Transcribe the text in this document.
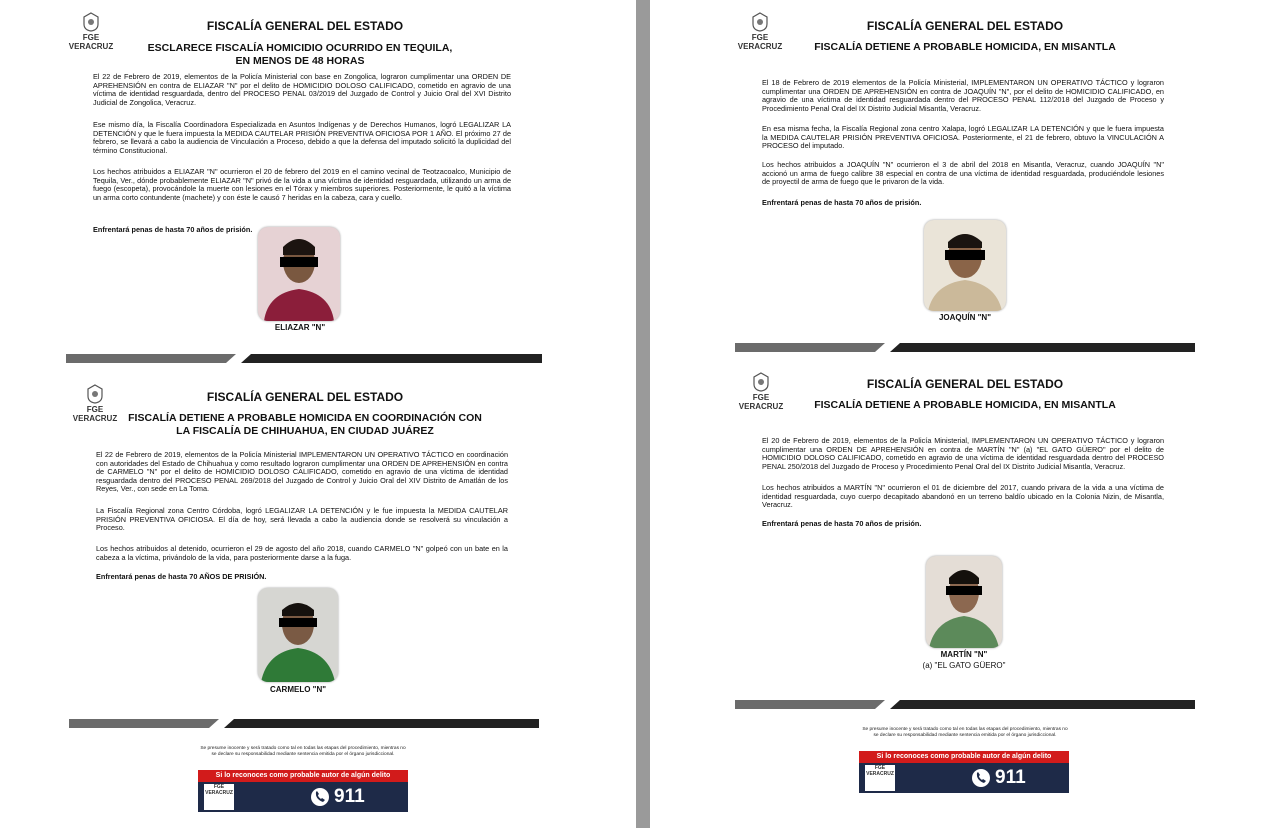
FGE
VERACRUZ
FISCALÍA GENERAL DEL ESTADO
ESCLARECE FISCALÍA HOMICIDIO OCURRIDO EN TEQUILA,
EN MENOS DE 48 HORAS
El 22 de Febrero de 2019, elementos de la Policía Ministerial con base en Zongolica, lograron cumplimentar una ORDEN DE APREHENSIÓN en contra de ELIAZAR "N" por el delito de HOMICIDIO DOLOSO CALIFICADO, cometido en agravio de una víctima de identidad resguardada, dentro del PROCESO PENAL 03/2019 del Juzgado de Control y Juicio Oral del XVI Distrito Judicial de Zongolica, Veracruz.
Ese mismo día, la Fiscalía Coordinadora Especializada en Asuntos Indígenas y de Derechos Humanos, logró LEGALIZAR LA DETENCIÓN y que le fuera impuesta la MEDIDA CAUTELAR PRISIÓN PREVENTIVA OFICIOSA POR 1 AÑO. El próximo 27 de febrero, se llevará a cabo la audiencia de Vinculación a Proceso, debido a que la defensa del imputado solicitó la duplicidad del término Constitucional.
Los hechos atribuidos a ELIAZAR "N" ocurrieron el 20 de febrero del 2019 en el camino vecinal de Teotzacoalco, Municipio de Tequila, Ver., dónde probablemente ELIAZAR "N" privó de la vida a una víctima de identidad resguardada, utilizando un arma de fuego (escopeta), provocándole la muerte con lesiones en el Tórax y miembros superiores. Posteriormente, le quitó a la víctima un arma corto contundente (machete) y con éste le causó 7 heridas en la cabeza, cara y cuello.
Enfrentará penas de hasta 70 años de prisión.
ELIAZAR "N"
FGE
VERACRUZ
FISCALÍA GENERAL DEL ESTADO
FISCALÍA DETIENE A PROBABLE HOMICIDA, EN MISANTLA
El 18 de Febrero de 2019 elementos de la Policía Ministerial, IMPLEMENTARON UN OPERATIVO TÁCTICO y lograron cumplimentar una ORDEN DE APREHENSIÓN en contra de JOAQUÍN "N", por el delito de HOMICIDIO CALIFICADO, en agravio de una víctima de identidad resguardada dentro del PROCESO PENAL 112/2018 del Juzgado de Proceso y Procedimiento Penal Oral del IX Distrito Judicial Misantla, Veracruz.
En esa misma fecha, la Fiscalía Regional zona centro Xalapa, logró LEGALIZAR LA DETENCIÓN y que le fuera impuesta la MEDIDA CAUTELAR PRISIÓN PREVENTIVA OFICIOSA. Posteriormente, el 21 de febrero, obtuvo la VINCULACIÓN A PROCESO del imputado.
Los hechos atribuidos a JOAQUÍN "N" ocurrieron el 3 de abril del 2018 en Misantla, Veracruz, cuando JOAQUÍN "N" accionó un arma de fuego calibre 38 especial en contra de una víctima de identidad resguardada, produciéndole lesiones de proyectil de arma de fuego que le privaron de la vida.
Enfrentará penas de hasta 70 años de prisión.
JOAQUÍN "N"
FGE
VERACRUZ
FISCALÍA GENERAL DEL ESTADO
FISCALÍA DETIENE A PROBABLE HOMICIDA EN COORDINACIÓN CON
LA FISCALÍA DE CHIHUAHUA, EN CIUDAD JUÁREZ
El 22 de Febrero de 2019, elementos de la Policía Ministerial IMPLEMENTARON UN OPERATIVO TÁCTICO en coordinación con autoridades del Estado de Chihuahua y como resultado lograron cumplimentar una ORDEN DE APREHENSIÓN en contra de CARMELO "N" por el delito de HOMICIDIO DOLOSO CALIFICADO, cometido en agravio de una víctima de identidad resguardada dentro del PROCESO PENAL 269/2018 del Juzgado de Control y Juicio Oral del XIV Distrito de Amatlán de los Reyes, Ver., con sede en La Toma.
La Fiscalía Regional zona Centro Córdoba, logró LEGALIZAR LA DETENCIÓN y le fue impuesta la MEDIDA CAUTELAR PRISIÓN PREVENTIVA OFICIOSA. El día de hoy, será llevada a cabo la audiencia donde se resolverá su vinculación a Proceso.
Los hechos atribuidos al detenido, ocurrieron el 29 de agosto del año 2018, cuando CARMELO "N" golpeó con un bate en la cabeza a la víctima, privándolo de la vida, para posteriormente darse a la fuga.
Enfrentará penas de hasta 70 AÑOS DE PRISIÓN.
CARMELO "N"
Se presume inocente y será tratado como tal en todas las etapas del procedimiento, mientras no se declare su responsabilidad mediante sentencia emitida por el órgano jurisdiccional.
Si lo reconoces como probable autor de algún delito
FGE
VERACRUZ	911
FGE
VERACRUZ
FISCALÍA GENERAL DEL ESTADO
FISCALÍA DETIENE A PROBABLE HOMICIDA, EN MISANTLA
El 20 de Febrero de 2019, elementos de la Policía Ministerial, IMPLEMENTARON UN OPERATIVO TÁCTICO y lograron cumplimentar una ORDEN DE APREHENSIÓN en contra de MARTÍN "N" (a) "EL GATO GÜERO" por el delito de HOMICIDIO DOLOSO CALIFICADO, cometido en agravio de una víctima de identidad resguardada dentro del PROCESO PENAL 250/2018 del Juzgado de Proceso y Procedimiento Penal Oral del IX Distrito Judicial Misantla, Veracruz.
Los hechos atribuidos a MARTÍN "N" ocurrieron el 01 de diciembre del 2017, cuando privara de la vida a una víctima de identidad resguardada, cuyo cuerpo decapitado abandonó en un terreno baldío ubicado en la Colonia Nizin, de Misantla, Veracruz.
Enfrentará penas de hasta 70 años de prisión.
MARTÍN "N"
(a) "EL GATO GÜERO"
Se presume inocente y será tratado como tal en todas las etapas del procedimiento, mientras no se declare su responsabilidad mediante sentencia emitida por el órgano jurisdiccional.
Si lo reconoces como probable autor de algún delito
FGE
VERACRUZ	911
